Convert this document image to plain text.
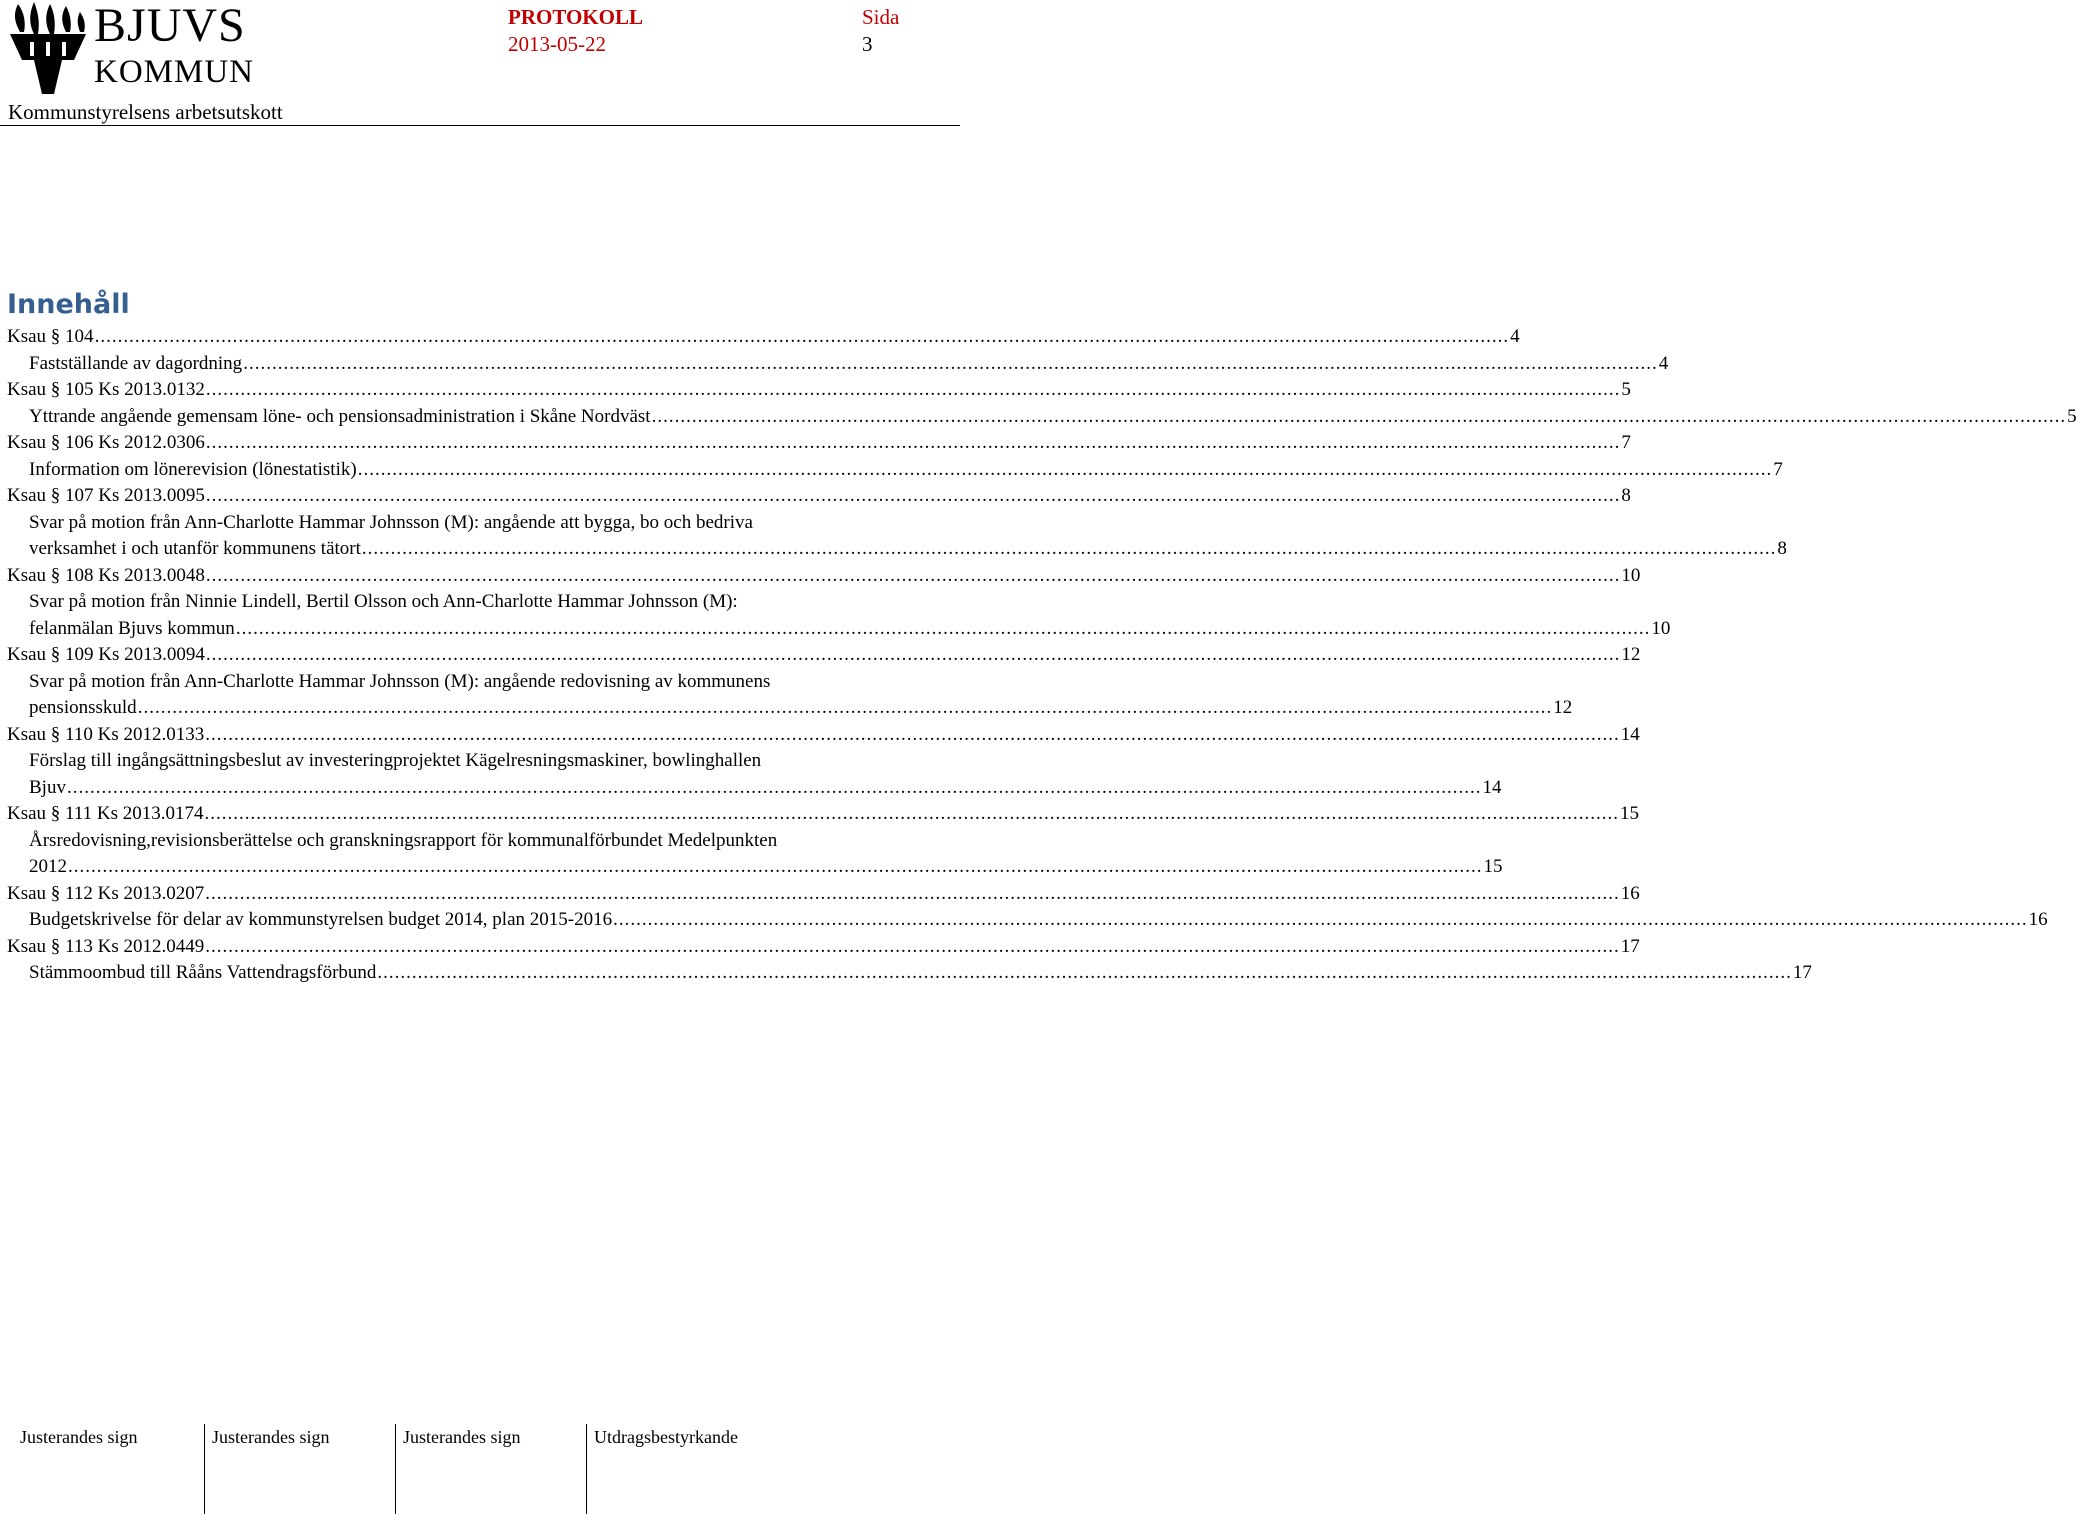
BJUVS
KOMMUN
PROTOKOLL
2013-05-22
Sida
3
Kommunstyrelsens arbetsutskott
Innehåll
Ksau § 104 .....	4
Fastställande av dagordning .....	4
Ksau § 105 Ks 2013.0132 .....	5
Yttrande angående gemensam löne- och pensionsadministration i Skåne Nordväst .....	5
Ksau § 106 Ks 2012.0306 .....	7
Information om lönerevision (lönestatistik) .....	7
Ksau § 107 Ks 2013.0095 .....	8
Svar på motion från Ann-Charlotte Hammar Johnsson (M): angående att bygga, bo och bedriva
verksamhet i och utanför kommunens tätort .....	8
Ksau § 108 Ks 2013.0048 .....	10
Svar på motion från Ninnie Lindell, Bertil Olsson och Ann-Charlotte Hammar Johnsson (M):
felanmälan Bjuvs kommun .....	10
Ksau § 109 Ks 2013.0094 .....	12
Svar på motion från Ann-Charlotte Hammar Johnsson (M): angående redovisning av kommunens
pensionsskuld .....	12
Ksau § 110 Ks 2012.0133 .....	14
Förslag till ingångsättningsbeslut av investeringprojektet Kägelresningsmaskiner, bowlinghallen
Bjuv .....	14
Ksau § 111 Ks 2013.0174 .....	15
Årsredovisning,revisionsberättelse och granskningsrapport för kommunalförbundet Medelpunkten
2012 .....	15
Ksau § 112 Ks 2013.0207 .....	16
Budgetskrivelse för delar av kommunstyrelsen budget 2014, plan 2015-2016 .....	16
Ksau § 113 Ks 2012.0449 .....	17
Stämmoombud till Rååns Vattendragsförbund .....	17
Justerandes sign	Justerandes sign	Justerandes sign	Utdragsbestyrkande
